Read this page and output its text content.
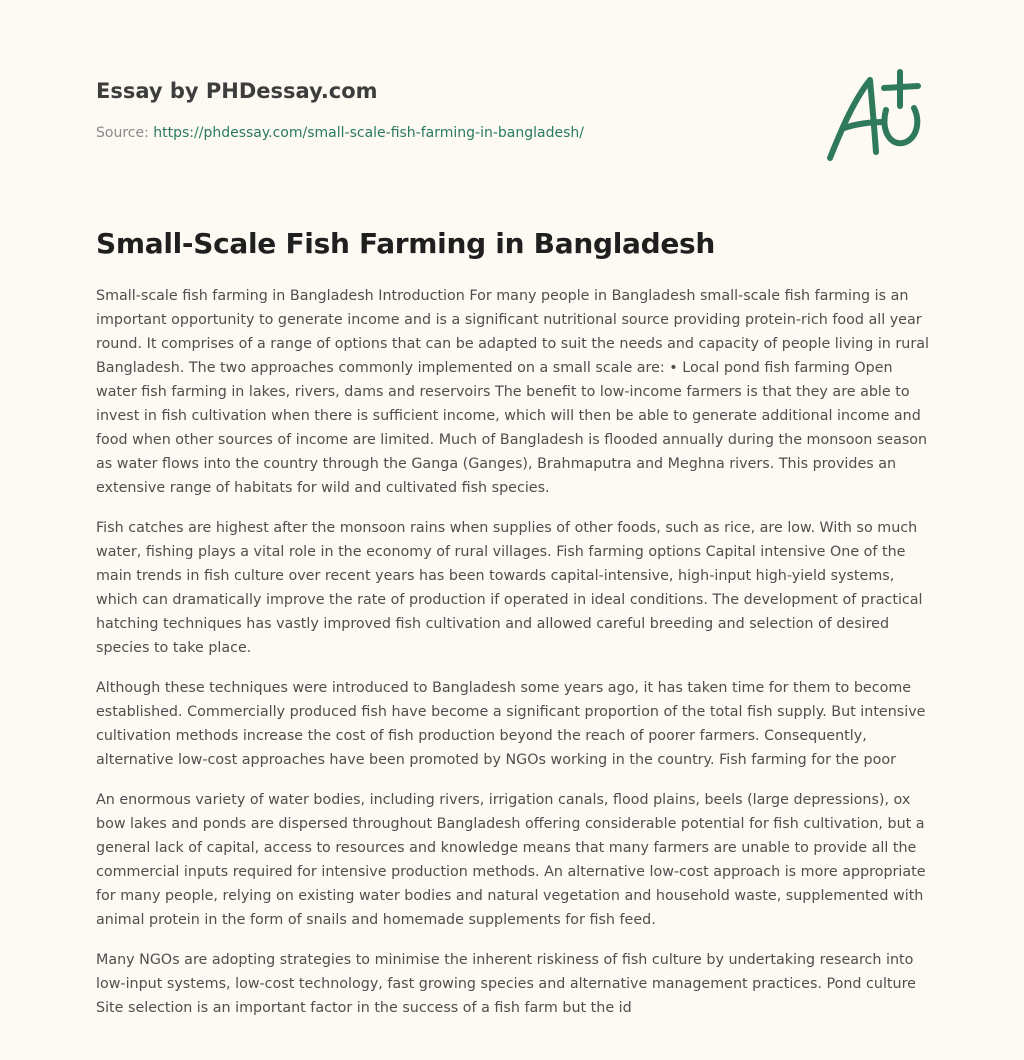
Essay by PHDessay.com
Source: https://phdessay.com/small-scale-fish-farming-in-bangladesh/
Small-Scale Fish Farming in Bangladesh

Small-scale fish farming in Bangladesh Introduction For many people in Bangladesh small-scale fish farming is an important opportunity to generate income and is a significant nutritional source providing protein-rich food all year round. It comprises of a range of options that can be adapted to suit the needs and capacity of people living in rural Bangladesh. The two approaches commonly implemented on a small scale are: • Local pond fish farming Open water fish farming in lakes, rivers, dams and reservoirs The benefit to low-income farmers is that they are able to invest in fish cultivation when there is sufficient income, which will then be able to generate additional income and food when other sources of income are limited. Much of Bangladesh is flooded annually during the monsoon season as water flows into the country through the Ganga (Ganges), Brahmaputra and Meghna rivers. This provides an extensive range of habitats for wild and cultivated fish species.

Fish catches are highest after the monsoon rains when supplies of other foods, such as rice, are low. With so much water, fishing plays a vital role in the economy of rural villages. Fish farming options Capital intensive One of the main trends in fish culture over recent years has been towards capital-intensive, high-input high-yield systems, which can dramatically improve the rate of production if operated in ideal conditions. The development of practical hatching techniques has vastly improved fish cultivation and allowed careful breeding and selection of desired species to take place.

Although these techniques were introduced to Bangladesh some years ago, it has taken time for them to become established. Commercially produced fish have become a significant proportion of the total fish supply. But intensive cultivation methods increase the cost of fish production beyond the reach of poorer farmers. Consequently, alternative low-cost approaches have been promoted by NGOs working in the country. Fish farming for the poor

An enormous variety of water bodies, including rivers, irrigation canals, flood plains, beels (large depressions), ox bow lakes and ponds are dispersed throughout Bangladesh offering considerable potential for fish cultivation, but a general lack of capital, access to resources and knowledge means that many farmers are unable to provide all the commercial inputs required for intensive production methods. An alternative low-cost approach is more appropriate for many people, relying on existing water bodies and natural vegetation and household waste, supplemented with animal protein in the form of snails and homemade supplements for fish feed.

Many NGOs are adopting strategies to minimise the inherent riskiness of fish culture by undertaking research into low-input systems, low-cost technology, fast growing species and alternative management practices. Pond culture Site selection is an important factor in the success of a fish farm but the id
